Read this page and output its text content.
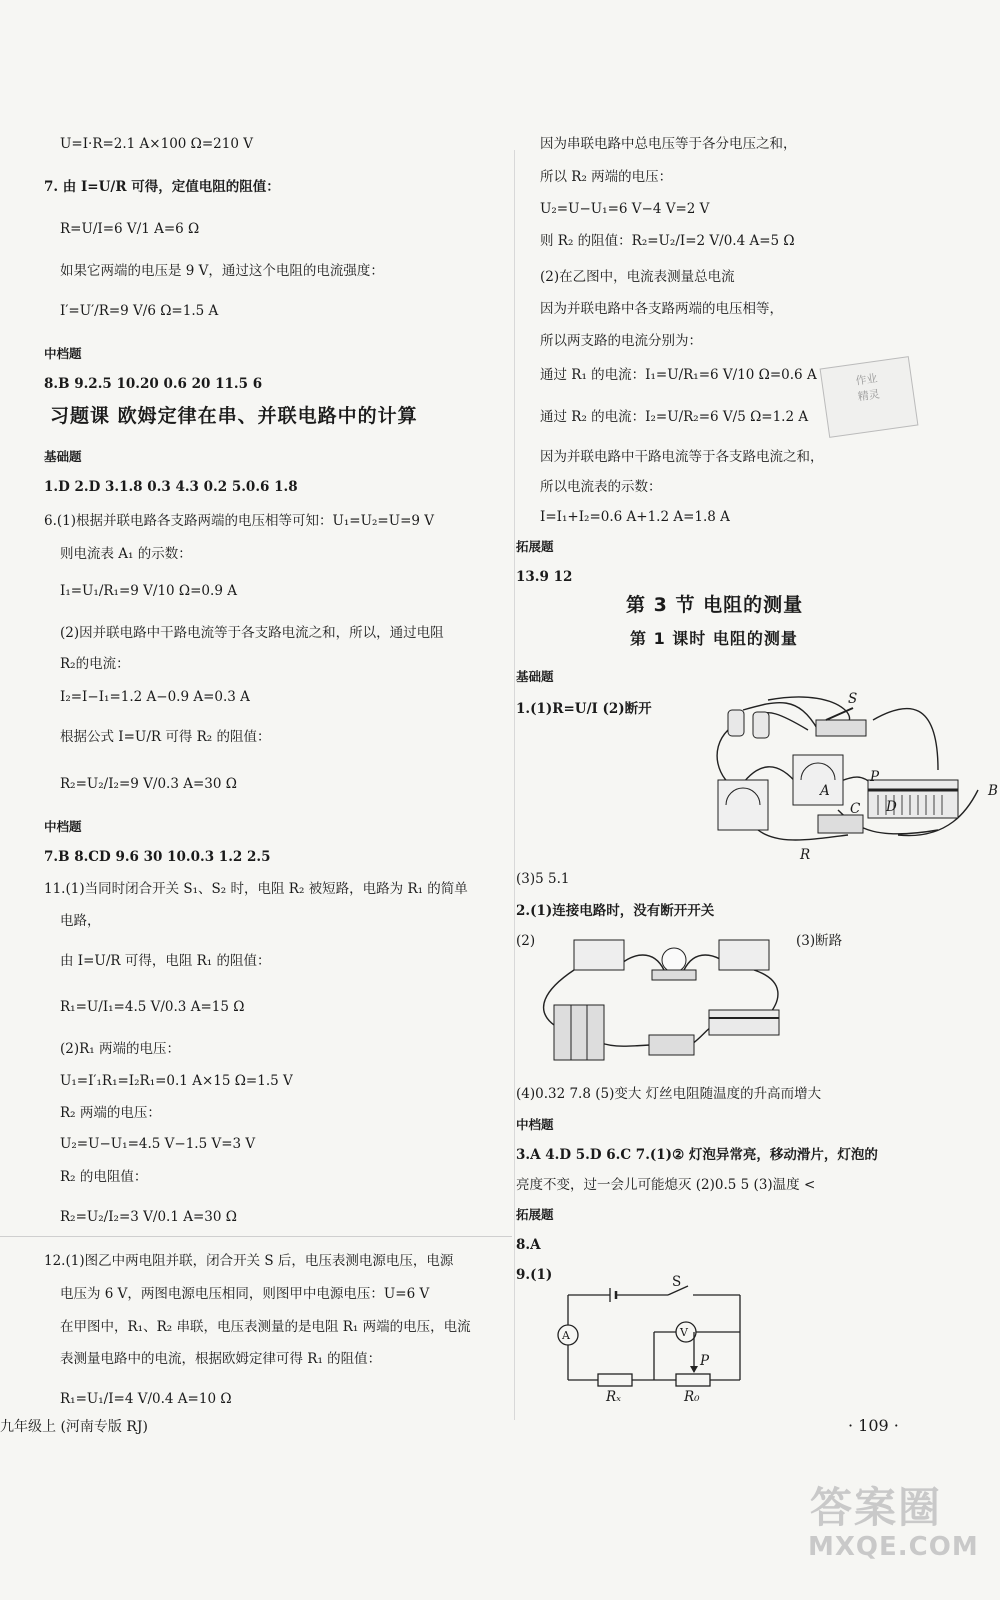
U=I·R=2.1 A×100 Ω=210 V
7. 由 I=U/R 可得，定值电阻的阻值：
R=U/I=6 V/1 A=6 Ω
如果它两端的电压是 9 V，通过这个电阻的电流强度：
I′=U′/R=9 V/6 Ω=1.5 A
中档题
8.B 9.2.5 10.20 0.6 20 11.5 6
习题课 欧姆定律在串、并联电路中的计算
基础题
1.D 2.D 3.1.8 0.3 4.3 0.2 5.0.6 1.8
6.(1)根据并联电路各支路两端的电压相等可知：U₁=U₂=U=9 V
则电流表 A₁ 的示数：
I₁=U₁/R₁=9 V/10 Ω=0.9 A
(2)因并联电路中干路电流等于各支路电流之和，所以，通过电阻
R₂的电流：
I₂=I−I₁=1.2 A−0.9 A=0.3 A
根据公式 I=U/R 可得 R₂ 的阻值：
R₂=U₂/I₂=9 V/0.3 A=30 Ω
中档题
7.B 8.CD 9.6 30 10.0.3 1.2 2.5
11.(1)当同时闭合开关 S₁、S₂ 时，电阻 R₂ 被短路，电路为 R₁ 的简单
电路，
由 I=U/R 可得，电阻 R₁ 的阻值：
R₁=U/I₁=4.5 V/0.3 A=15 Ω
(2)R₁ 两端的电压：
U₁=I′₁R₁=I₂R₁=0.1 A×15 Ω=1.5 V
R₂ 两端的电压：
U₂=U−U₁=4.5 V−1.5 V=3 V
R₂ 的电阻值：
R₂=U₂/I₂=3 V/0.1 A=30 Ω
12.(1)图乙中两电阻并联，闭合开关 S 后，电压表测电源电压，电源
电压为 6 V，两图电源电压相同，则图甲中电源电压：U=6 V
在甲图中，R₁、R₂ 串联，电压表测量的是电阻 R₁ 两端的电压，电流
表测量电路中的电流，根据欧姆定律可得 R₁ 的阻值：
R₁=U₁/I=4 V/0.4 A=10 Ω
因为串联电路中总电压等于各分电压之和，
所以 R₂ 两端的电压：
U₂=U−U₁=6 V−4 V=2 V
则 R₂ 的阻值：R₂=U₂/I=2 V/0.4 A=5 Ω
(2)在乙图中，电流表测量总电流
因为并联电路中各支路两端的电压相等，
所以两支路的电流分别为：
通过 R₁ 的电流：I₁=U/R₁=6 V/10 Ω=0.6 A
通过 R₂ 的电流：I₂=U/R₂=6 V/5 Ω=1.2 A
因为并联电路中干路电流等于各支路电流之和，
所以电流表的示数：
I=I₁+I₂=0.6 A+1.2 A=1.8 A
拓展题
13.9 12
第 3 节 电阻的测量
第 1 课时 电阻的测量
基础题
1.(1)R=U/I (2)断开
S
P
A	B
C D
R
作业
精灵
(3)5 5.1
2.(1)连接电路时，没有断开开关
(2)	(3)断路
(4)0.32 7.8 (5)变大 灯丝电阻随温度的升高而增大
中档题
3.A 4.D 5.D 6.C 7.(1)② 灯泡异常亮，移动滑片，灯泡的
亮度不变，过一会儿可能熄灭 (2)0.5 5 (3)温度 <
拓展题
8.A
9.(1)	S
A	V
P
Rₓ	R₀
九年级上 (河南专版 RJ)	· 109 ·
答案圈
MXQE.COM
